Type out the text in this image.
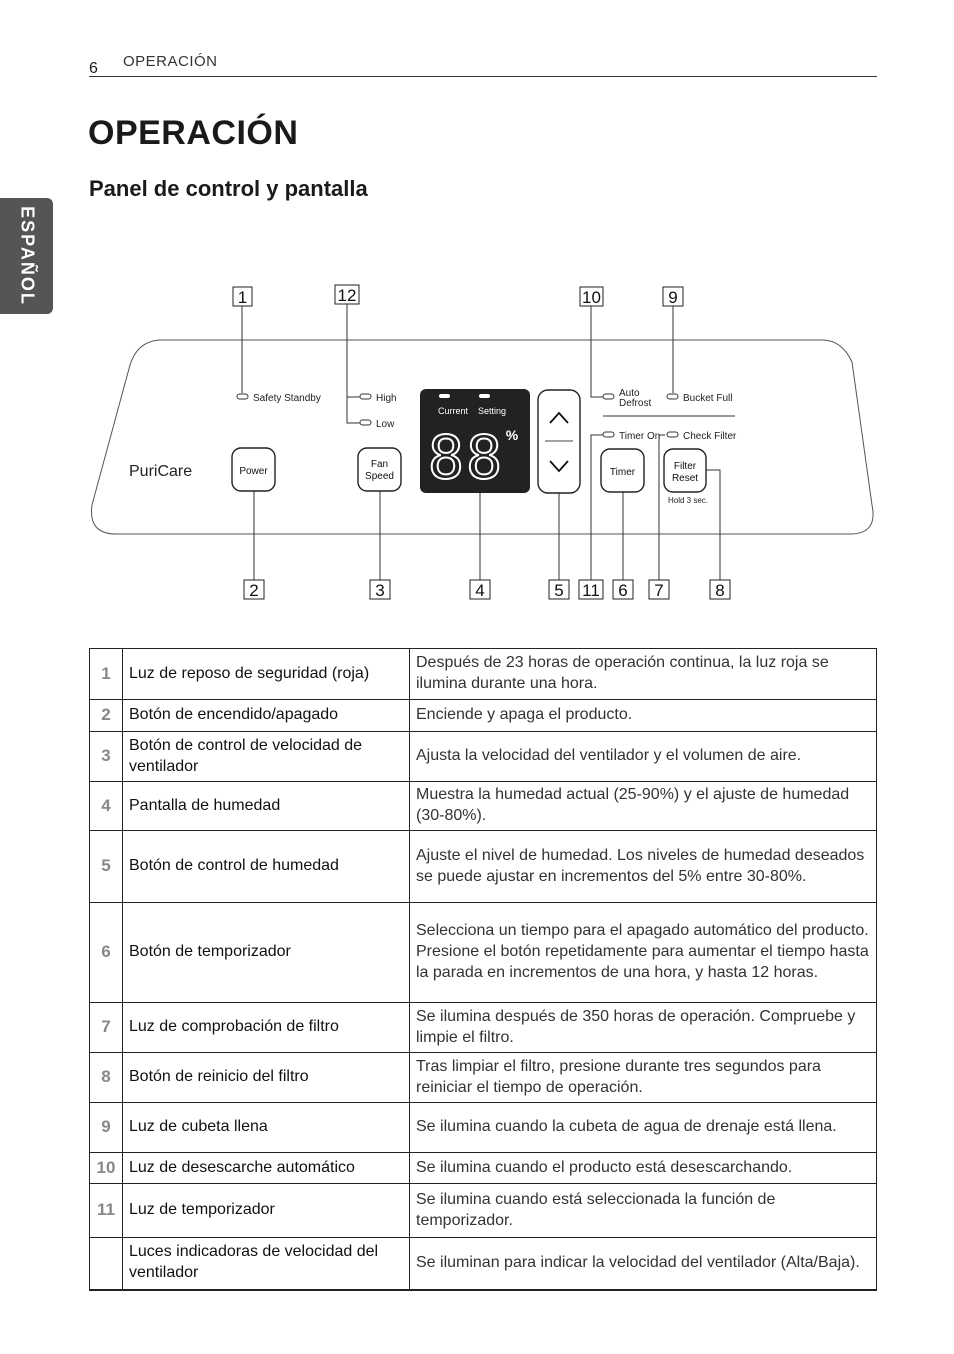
6 OPERACIÓN
ESPAÑOL
OPERACIÓN
Panel de control y pantalla
Safety Standby	High
Low
Auto
Defrost	Bucket Full
Timer On Check Filter
PuriCare	Power
Fan
Speed
Current Setting
88 %
Timer
Filter
Reset
Hold 3 sec.
1	12	10	9
2	3	4	5 11 6 7	8
1	Luz de reposo de seguridad (roja)	Después de 23 horas de operación continua, la luz roja se ilumina durante una hora.
2	Botón de encendido/apagado	Enciende y apaga el producto.
3	Botón de control de velocidad de ventilador	Ajusta la velocidad del ventilador y el volumen de aire.
4	Pantalla de humedad	Muestra la humedad actual (25-90%) y el ajuste de humedad (30-80%).
5	Botón de control de humedad	Ajuste el nivel de humedad. Los niveles de humedad deseados se puede ajustar en incrementos del 5% entre 30-80%.
6	Botón de temporizador	Selecciona un tiempo para el apagado automático del producto. Presione el botón repetidamente para aumentar el tiempo hasta la parada en incrementos de una hora, y hasta 12 horas.
7	Luz de comprobación de filtro	Se ilumina después de 350 horas de operación. Compruebe y limpie el filtro.
8	Botón de reinicio del filtro	Tras limpiar el filtro, presione durante tres segundos para reiniciar el tiempo de operación.
9	Luz de cubeta llena	Se ilumina cuando la cubeta de agua de drenaje está llena.
10	Luz de desescarche automático	Se ilumina cuando el producto está desescarchando.
11	Luz de temporizador	Se ilumina cuando está seleccionada la función de temporizador.
	Luces indicadoras de velocidad del ventilador	Se iluminan para indicar la velocidad del ventilador (Alta/Baja).
